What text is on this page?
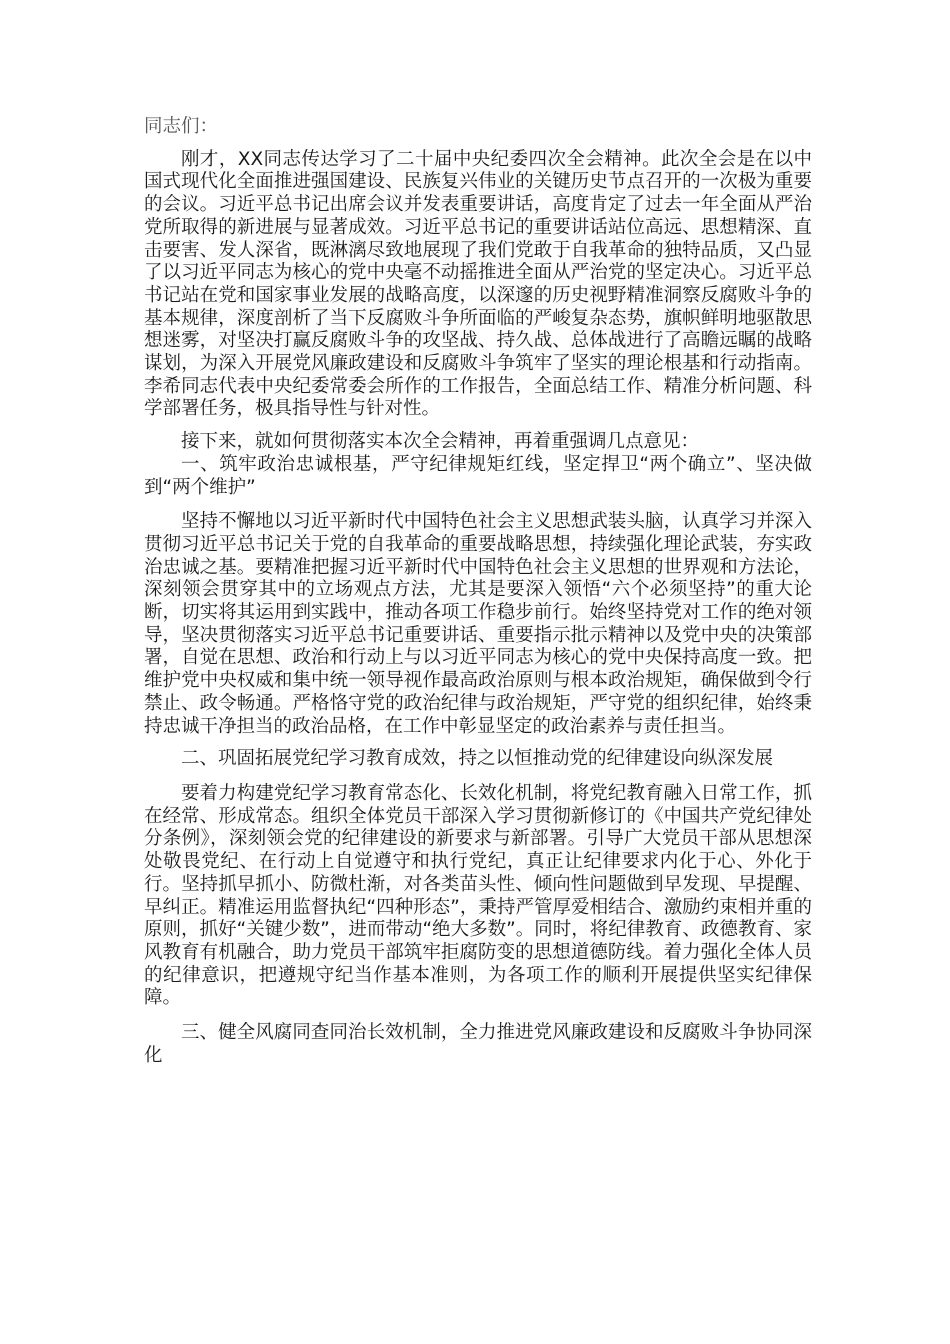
同志们：

刚才，XX同志传达学习了二十届中央纪委四次全会精神。此次全会是在以中国式现代化全面推进强国建设、民族复兴伟业的关键历史节点召开的一次极为重要的会议。习近平总书记出席会议并发表重要讲话，高度肯定了过去一年全面从严治党所取得的新进展与显著成效。习近平总书记的重要讲话站位高远、思想精深、直击要害、发人深省，既淋漓尽致地展现了我们党敢于自我革命的独特品质，又凸显了以习近平同志为核心的党中央毫不动摇推进全面从严治党的坚定决心。习近平总书记站在党和国家事业发展的战略高度，以深邃的历史视野精准洞察反腐败斗争的基本规律，深度剖析了当下反腐败斗争所面临的严峻复杂态势，旗帜鲜明地驱散思想迷雾，对坚决打赢反腐败斗争的攻坚战、持久战、总体战进行了高瞻远瞩的战略谋划，为深入开展党风廉政建设和反腐败斗争筑牢了坚实的理论根基和行动指南。李希同志代表中央纪委常委会所作的工作报告，全面总结工作、精准分析问题、科学部署任务，极具指导性与针对性。

接下来，就如何贯彻落实本次全会精神，再着重强调几点意见：

一、筑牢政治忠诚根基，严守纪律规矩红线，坚定捍卫“两个确立”、坚决做到“两个维护”

坚持不懈地以习近平新时代中国特色社会主义思想武装头脑，认真学习并深入贯彻习近平总书记关于党的自我革命的重要战略思想，持续强化理论武装，夯实政治忠诚之基。要精准把握习近平新时代中国特色社会主义思想的世界观和方法论，深刻领会贯穿其中的立场观点方法，尤其是要深入领悟“六个必须坚持”的重大论断，切实将其运用到实践中，推动各项工作稳步前行。始终坚持党对工作的绝对领导，坚决贯彻落实习近平总书记重要讲话、重要指示批示精神以及党中央的决策部署，自觉在思想、政治和行动上与以习近平同志为核心的党中央保持高度一致。把维护党中央权威和集中统一领导视作最高政治原则与根本政治规矩，确保做到令行禁止、政令畅通。严格恪守党的政治纪律与政治规矩，严守党的组织纪律，始终秉持忠诚干净担当的政治品格，在工作中彰显坚定的政治素养与责任担当。

二、巩固拓展党纪学习教育成效，持之以恒推动党的纪律建设向纵深发展

要着力构建党纪学习教育常态化、长效化机制，将党纪教育融入日常工作，抓在经常、形成常态。组织全体党员干部深入学习贯彻新修订的《中国共产党纪律处分条例》，深刻领会党的纪律建设的新要求与新部署。引导广大党员干部从思想深处敬畏党纪、在行动上自觉遵守和执行党纪，真正让纪律要求内化于心、外化于行。坚持抓早抓小、防微杜渐，对各类苗头性、倾向性问题做到早发现、早提醒、早纠正。精准运用监督执纪“四种形态”，秉持严管厚爱相结合、激励约束相并重的原则，抓好“关键少数”，进而带动“绝大多数”。同时，将纪律教育、政德教育、家风教育有机融合，助力党员干部筑牢拒腐防变的思想道德防线。着力强化全体人员的纪律意识，把遵规守纪当作基本准则，为各项工作的顺利开展提供坚实纪律保障。

三、健全风腐同查同治长效机制，全力推进党风廉政建设和反腐败斗争协同深化
